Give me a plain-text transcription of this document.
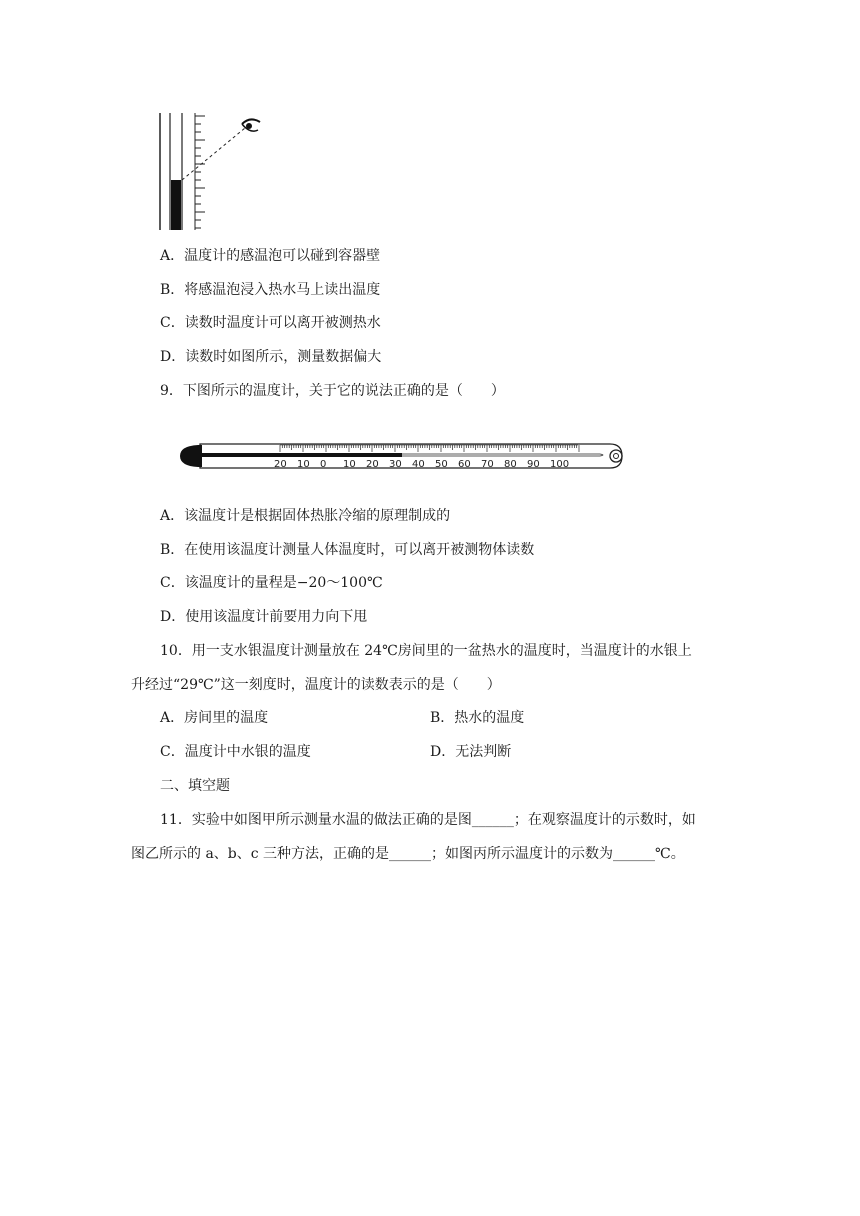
A．温度计的感温泡可以碰到容器壁
B．将感温泡浸入热水马上读出温度
C．读数时温度计可以离开被测热水
D．读数时如图所示，测量数据偏大
9．下图所示的温度计，关于它的说法正确的是（　　）
20 10 0 10 20 30 40 50 60 70 80 90 100
A．该温度计是根据固体热胀冷缩的原理制成的
B．在使用该温度计测量人体温度时，可以离开被测物体读数
C．该温度计的量程是−20～100℃
D．使用该温度计前要用力向下甩
10．用一支水银温度计测量放在 24℃房间里的一盆热水的温度时，当温度计的水银上
升经过“29℃”这一刻度时，温度计的读数表示的是（　　）
A．房间里的温度	B．热水的温度
C．温度计中水银的温度	D．无法判断
二、填空题
11．实验中如图甲所示测量水温的做法正确的是图______；在观察温度计的示数时，如
图乙所示的 a、b、c 三种方法，正确的是______；如图丙所示温度计的示数为______℃。
